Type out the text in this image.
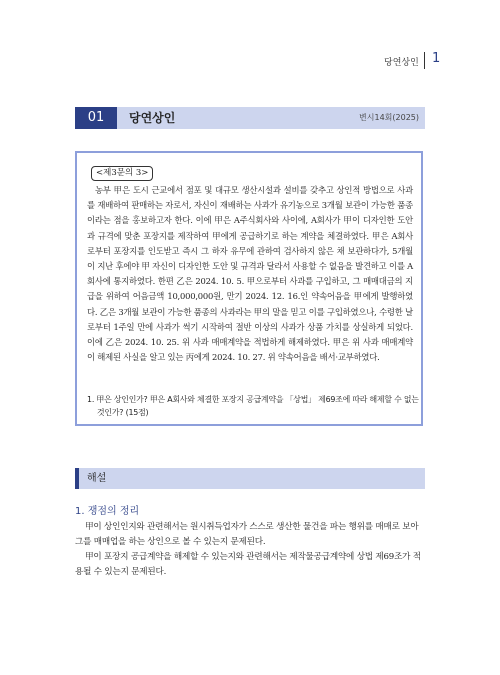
당연상인 1
01	당연상인	변시14회(2025)
<제3문의 3>

농부 甲은 도시 근교에서 점포 및 대규모 생산시설과 설비를 갖추고 상인적 방법으로 사과를 재배하여 판매하는 자로서, 자신이 재배하는 사과가 유기농으로 3개월 보관이 가능한 품종이라는 점을 홍보하고자 한다. 이에 甲은 A주식회사와 사이에, A회사가 甲이 디자인한 도안과 규격에 맞춘 포장지를 제작하여 甲에게 공급하기로 하는 계약을 체결하였다. 甲은 A회사로부터 포장지를 인도받고 즉시 그 하자 유무에 관하여 검사하지 않은 채 보관하다가, 5개월이 지난 후에야 甲 자신이 디자인한 도안 및 규격과 달라서 사용할 수 없음을 발견하고 이를 A회사에 통지하였다. 한편 乙은 2024. 10. 5. 甲으로부터 사과를 구입하고, 그 매매대금의 지급을 위하여 어음금액 10,000,000원, 만기 2024. 12. 16.인 약속어음을 甲에게 발행하였다. 乙은 3개월 보관이 가능한 품종의 사과라는 甲의 말을 믿고 이를 구입하였으나, 수령한 날로부터 1주일 만에 사과가 썩기 시작하여 절반 이상의 사과가 상품 가치를 상실하게 되었다. 이에 乙은 2024. 10. 25. 위 사과 매매계약을 적법하게 해제하였다. 甲은 위 사과 매매계약이 해제된 사실을 알고 있는 丙에게 2024. 10. 27. 위 약속어음을 배서·교부하였다.

1. 甲은 상인인가? 甲은 A회사와 체결한 포장지 공급계약을 「상법」 제69조에 따라 해제할 수 없는 것인가? (15점)

해설
1. 쟁점의 정리

甲이 상인인지와 관련해서는 원시취득업자가 스스로 생산한 물건을 파는 행위를 매매로 보아 그를 매매업을 하는 상인으로 볼 수 있는지 문제된다.

甲이 포장지 공급계약을 해제할 수 있는지와 관련해서는 제작물공급계약에 상법 제69조가 적용될 수 있는지 문제된다.
